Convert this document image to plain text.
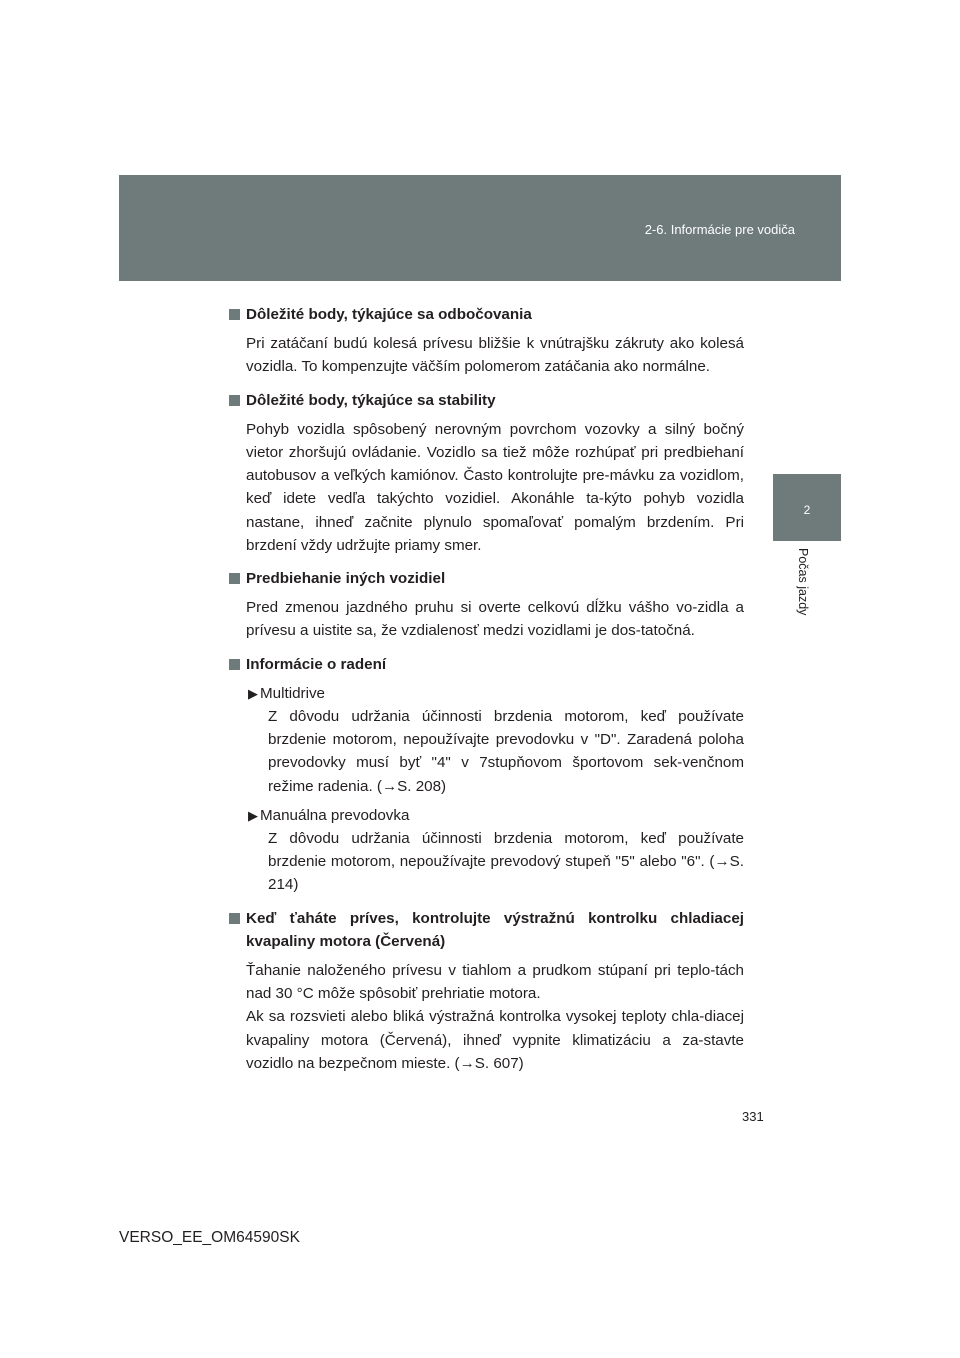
2-6. Informácie pre vodiča
2
Počas jazdy
Dôležité body, týkajúce sa odbočovania
Pri zatáčaní budú kolesá prívesu bližšie k vnútrajšku zákruty ako kolesá vozidla. To kompenzujte väčším polomerom zatáčania ako normálne.
Dôležité body, týkajúce sa stability
Pohyb vozidla spôsobený nerovným povrchom vozovky a silný bočný vietor zhoršujú ovládanie. Vozidlo sa tiež môže rozhúpať pri predbiehaní autobusov a veľkých kamiónov. Často kontrolujte pre-mávku za vozidlom, keď idete vedľa takýchto vozidiel. Akonáhle ta-kýto pohyb vozidla nastane, ihneď začnite plynulo spomaľovať pomalým brzdením. Pri brzdení vždy udržujte priamy smer.
Predbiehanie iných vozidiel
Pred zmenou jazdného pruhu si overte celkovú dĺžku vášho vo-zidla a prívesu a uistite sa, že vzdialenosť medzi vozidlami je dos-tatočná.
Informácie o radení
▶ Multidrive
Z dôvodu udržania účinnosti brzdenia motorom, keď používate brzdenie motorom, nepoužívajte prevodovku v "D". Zaradená poloha prevodovky musí byť "4" v 7stupňovom športovom sek-venčnom režime radenia. (→S. 208)
▶ Manuálna prevodovka
Z dôvodu udržania účinnosti brzdenia motorom, keď používate brzdenie motorom, nepoužívajte prevodový stupeň "5" alebo "6". (→S. 214)
Keď ťaháte príves, kontrolujte výstražnú kontrolku chladiacej kvapaliny motora (Červená)
Ťahanie naloženého prívesu v tiahlom a prudkom stúpaní pri teplo-tách nad 30 °C môže spôsobiť prehriatie motora.
Ak sa rozsvieti alebo bliká výstražná kontrolka vysokej teploty chla-diacej kvapaliny motora (Červená), ihneď vypnite klimatizáciu a za-stavte vozidlo na bezpečnom mieste. (→S. 607)
331
VERSO_EE_OM64590SK
